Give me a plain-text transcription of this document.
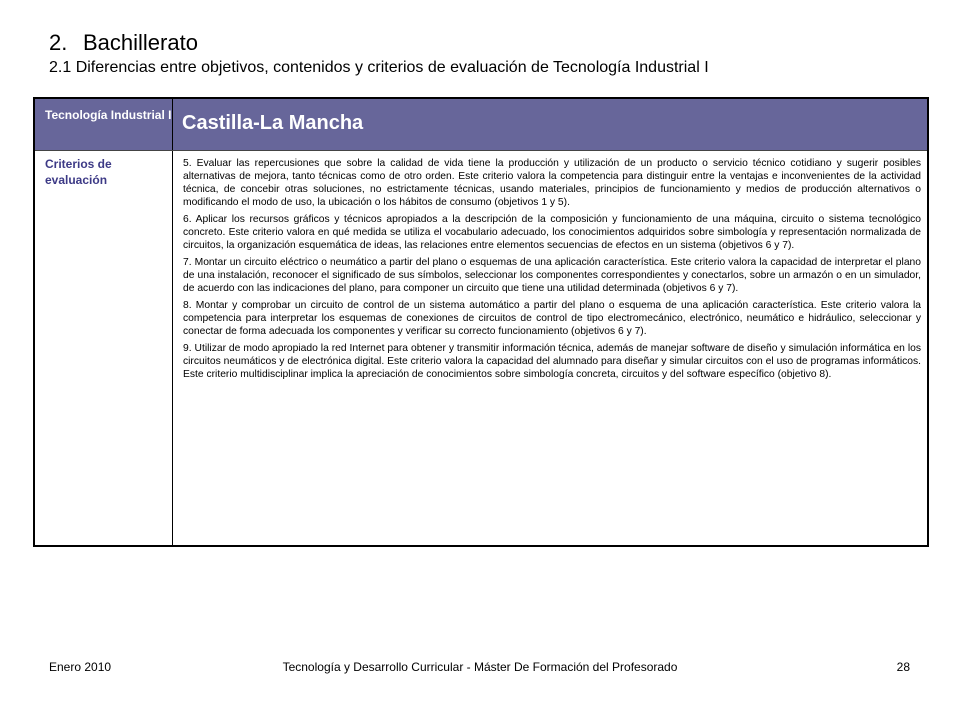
2. Bachillerato
2.1 Diferencias entre objetivos, contenidos y criterios de evaluación de Tecnología Industrial I
Tecnología Industrial I Castilla-La Mancha
Criterios de evaluación

5. Evaluar las repercusiones que sobre la calidad de vida tiene la producción y utilización de un producto o servicio técnico cotidiano y sugerir posibles alternativas de mejora, tanto técnicas como de otro orden. Este criterio valora la competencia para distinguir entre la ventajas e inconvenientes de la actividad técnica, de concebir otras soluciones, no estrictamente técnicas, usando materiales, principios de funcionamiento y medios de producción alternativos o modificando el modo de uso, la ubicación o los hábitos de consumo (objetivos 1 y 5).

6. Aplicar los recursos gráficos y técnicos apropiados a la descripción de la composición y funcionamiento de una máquina, circuito o sistema tecnológico concreto. Este criterio valora en qué medida se utiliza el vocabulario adecuado, los conocimientos adquiridos sobre simbología y representación normalizada de circuitos, la organización esquemática de ideas, las relaciones entre elementos secuencias de efectos en un sistema (objetivos 6 y 7).

7. Montar un circuito eléctrico o neumático a partir del plano o esquemas de una aplicación característica. Este criterio valora la capacidad de interpretar el plano de una instalación, reconocer el significado de sus símbolos, seleccionar los componentes correspondientes y conectarlos, sobre un armazón o en un simulador, de acuerdo con las indicaciones del plano, para componer un circuito que tiene una utilidad determinada (objetivos 6 y 7).

8. Montar y comprobar un circuito de control de un sistema automático a partir del plano o esquema de una aplicación característica. Este criterio valora la competencia para interpretar los esquemas de conexiones de circuitos de control de tipo electromecánico, electrónico, neumático e hidráulico, seleccionar y conectar de forma adecuada los componentes y verificar su correcto funcionamiento (objetivos 6 y 7).

9. Utilizar de modo apropiado la red Internet para obtener y transmitir información técnica, además de manejar software de diseño y simulación informática en los circuitos neumáticos y de electrónica digital. Este criterio valora la capacidad del alumnado para diseñar y simular circuitos con el uso de programas informáticos. Este criterio multidisciplinar implica la apreciación de conocimientos sobre simbología concreta, circuitos y del software específico (objetivo 8).

Enero 2010	Tecnología y Desarrollo Curricular - Máster De Formación del Profesorado	28
